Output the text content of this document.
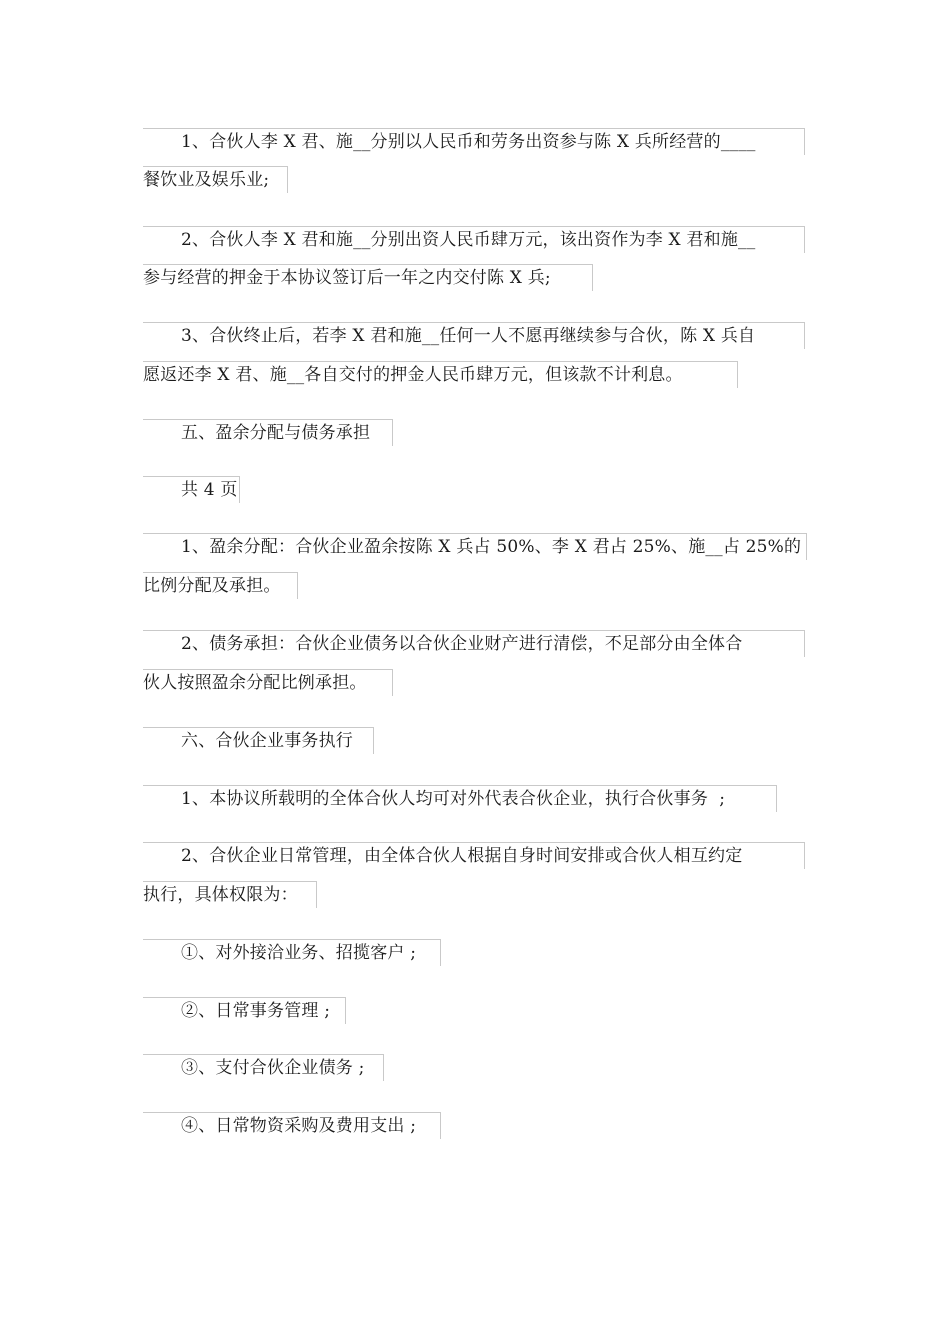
1、合伙人李 X 君、施__分别以人民币和劳务出资参与陈 X 兵所经营的____
餐饮业及娱乐业;
2、合伙人李 X 君和施__分别出资人民币肆万元，该出资作为李 X 君和施__
参与经营的押金于本协议签订后一年之内交付陈 X 兵;
3、合伙终止后，若李 X 君和施__任何一人不愿再继续参与合伙，陈 X 兵自
愿返还李 X 君、施__各自交付的押金人民币肆万元，但该款不计利息。
五、盈余分配与债务承担
共 4 页
1、盈余分配：合伙企业盈余按陈 X 兵占 50%、李 X 君占 25%、施__占 25%的
比例分配及承担。
2、债务承担：合伙企业债务以合伙企业财产进行清偿，不足部分由全体合
伙人按照盈余分配比例承担。
六、合伙企业事务执行
1、本协议所载明的全体合伙人均可对外代表合伙企业，执行合伙事务  ;
2、合伙企业日常管理，由全体合伙人根据自身时间安排或合伙人相互约定
执行，具体权限为：
①、对外接洽业务、招揽客户 ;
②、日常事务管理 ;
③、支付合伙企业债务 ;
④、日常物资采购及费用支出 ;
